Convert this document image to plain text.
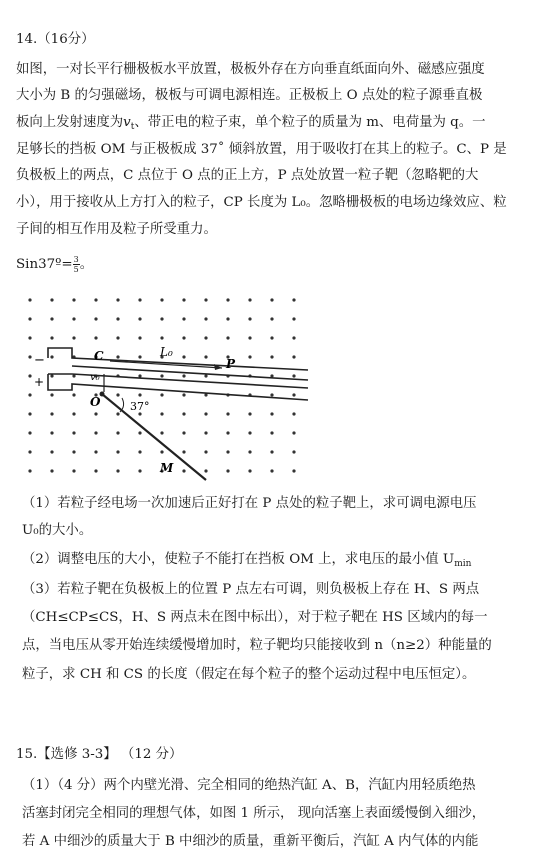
14.（16分）
如图，一对长平行栅极板水平放置，极板外存在方向垂直纸面向外、磁感应强度
大小为 B 的匀强磁场，极板与可调电源相连。正极板上 O 点处的粒子源垂直极
板向上发射速度为$v_t$、带正电的粒子束，单个粒子的质量为 m、电荷量为 q。一
足够长的挡板 OM 与正极板成 37˚ 倾斜放置，用于吸收打在其上的粒子。C、P 是
负极板上的两点，C 点位于 O 点的正上方，P 点处放置一粒子靶（忽略靶的大
小），用于接收从上方打入的粒子，CP 长度为 L₀。忽略栅极板的电场边缘效应、粒
子间的相互作用及粒子所受重力。
Sin37º= $\frac{3}{5}$ 。
−
+
C	L₀
P
v₀
O	37°
M
（1）若粒子经电场一次加速后正好打在 P 点处的粒子靶上，求可调电源电压
U₀的大小。
（2）调整电压的大小，使粒子不能打在挡板 OM 上，求电压的最小值 $U_{min}$
（3）若粒子靶在负极板上的位置 P 点左右可调，则负极板上存在 H、S 两点
（CH≤CP≤CS，H、S 两点未在图中标出），对于粒子靶在 HS 区域内的每一
点，当电压从零开始连续缓慢增加时，粒子靶均只能接收到 n（n≥2）种能量的
粒子，求 CH 和 CS 的长度（假定在每个粒子的整个运动过程中电压恒定）。
15.【选修 3-3】 （12 分）
（1）（4 分）两个内壁光滑、完全相同的绝热汽缸 A、B，汽缸内用轻质绝热
活塞封闭完全相同的理想气体，如图 1 所示， 现向活塞上表面缓慢倒入细沙，
若 A 中细沙的质量大于 B 中细沙的质量，重新平衡后，汽缸 A 内气体的内能
